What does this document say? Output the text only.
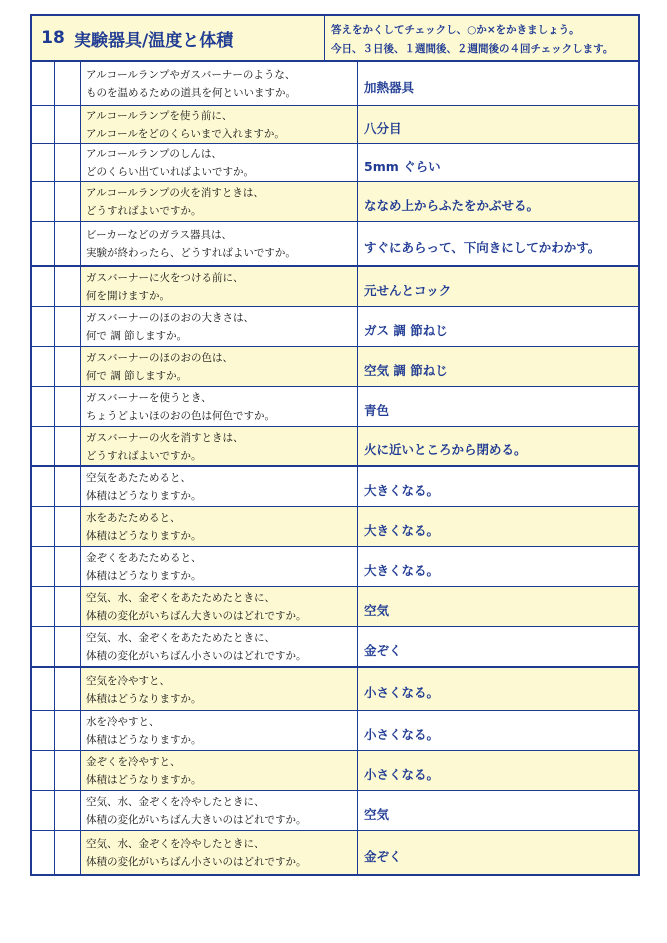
18 実験器具/温度と体積
答えをかくしてチェックし、○か×をかきましょう。
今日、３日後、１週間後、２週間後の４回チェックします。
アルコールランプやガスバーナーのような、
ものを温めるための道具を何といいますか。	加熱器具
アルコールランプを使う前に、
アルコールをどのくらいまで入れますか。	八分目
アルコールランプのしんは、
どのくらい出ていればよいですか。	5mm ぐらい
アルコールランプの火を消すときは、
どうすればよいですか。	ななめ上からふたをかぶせる。
ビーカーなどのガラス器具は、
実験が終わったら、どうすればよいですか。	すぐにあらって、下向きにしてかわかす。
ガスバーナーに火をつける前に、
何を開けますか。	元せんとコック
ガスバーナーのほのおの大きさは、
何で 調 節しますか。	ガス 調 節ねじ
ガスバーナーのほのおの色は、
何で 調 節しますか。	空気 調 節ねじ
ガスバーナーを使うとき、
ちょうどよいほのおの色は何色ですか。	青色
ガスバーナーの火を消すときは、
どうすればよいですか。	火に近いところから閉める。
空気をあたためると、
体積はどうなりますか。	大きくなる。
水をあたためると、
体積はどうなりますか。	大きくなる。
金ぞくをあたためると、
体積はどうなりますか。	大きくなる。
空気、水、金ぞくをあたためたときに、
体積の変化がいちばん大きいのはどれですか。	空気
空気、水、金ぞくをあたためたときに、
体積の変化がいちばん小さいのはどれですか。	金ぞく
空気を冷やすと、
体積はどうなりますか。	小さくなる。
水を冷やすと、
体積はどうなりますか。	小さくなる。
金ぞくを冷やすと、
体積はどうなりますか。	小さくなる。
空気、水、金ぞくを冷やしたときに、
体積の変化がいちばん大きいのはどれですか。	空気
空気、水、金ぞくを冷やしたときに、
体積の変化がいちばん小さいのはどれですか。	金ぞく
